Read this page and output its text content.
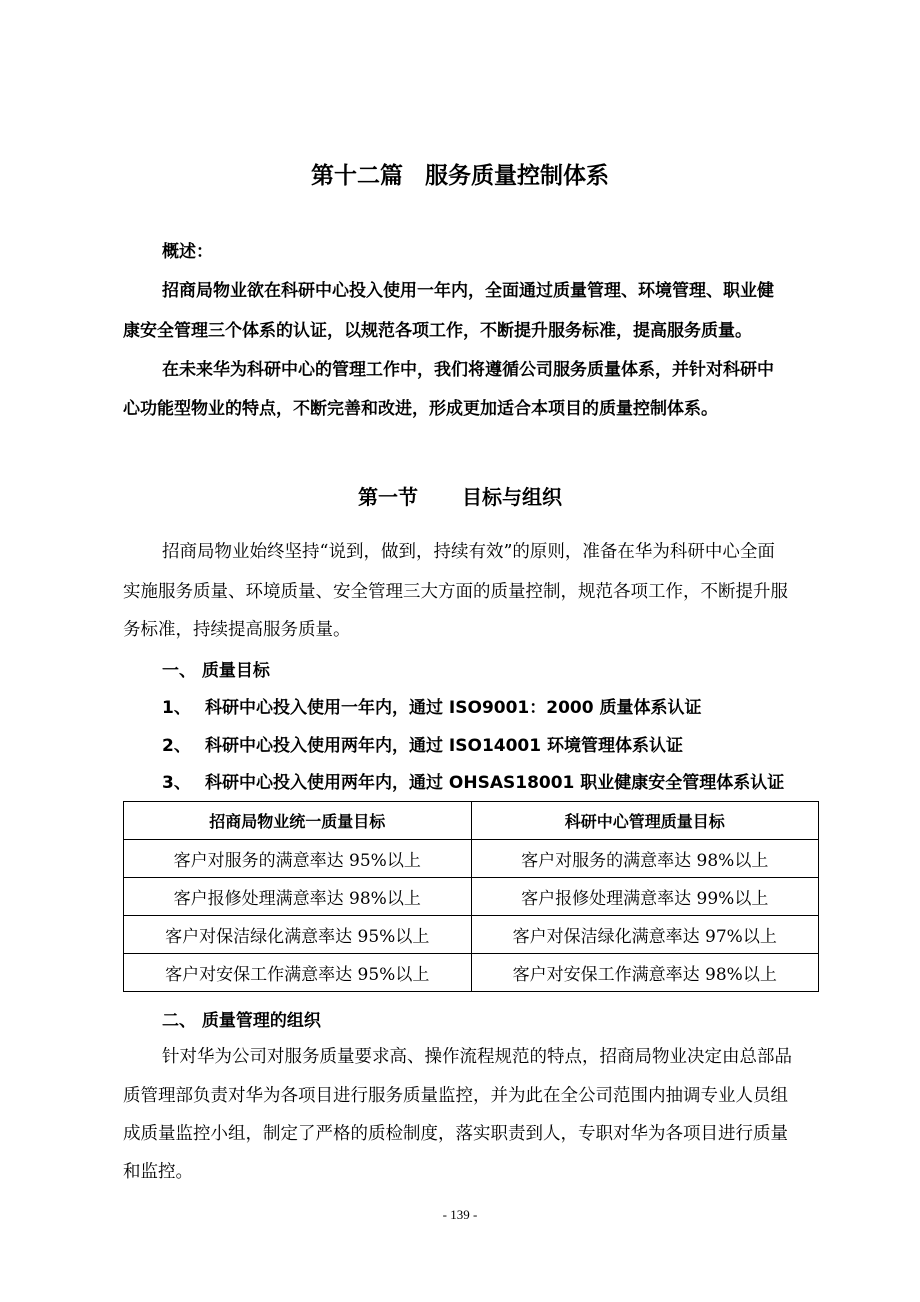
第十二篇 服务质量控制体系
概述：
招商局物业欲在科研中心投入使用一年内，全面通过质量管理、环境管理、职业健
康安全管理三个体系的认证，以规范各项工作，不断提升服务标准，提高服务质量。
在未来华为科研中心的管理工作中，我们将遵循公司服务质量体系，并针对科研中
心功能型物业的特点，不断完善和改进，形成更加适合本项目的质量控制体系。
第一节 目标与组织
招商局物业始终坚持“说到，做到，持续有效”的原则，准备在华为科研中心全面
实施服务质量、环境质量、安全管理三大方面的质量控制，规范各项工作，不断提升服
务标准，持续提高服务质量。
一、 质量目标
1、 科研中心投入使用一年内，通过 ISO9001：2000 质量体系认证
2、 科研中心投入使用两年内，通过 ISO14001 环境管理体系认证
3、 科研中心投入使用两年内，通过 OHSAS18001 职业健康安全管理体系认证
招商局物业统一质量目标	科研中心管理质量目标
客户对服务的满意率达 95%以上	客户对服务的满意率达 98%以上
客户报修处理满意率达 98%以上	客户报修处理满意率达 99%以上
客户对保洁绿化满意率达 95%以上	客户对保洁绿化满意率达 97%以上
客户对安保工作满意率达 95%以上	客户对安保工作满意率达 98%以上
二、 质量管理的组织
针对华为公司对服务质量要求高、操作流程规范的特点，招商局物业决定由总部品
质管理部负责对华为各项目进行服务质量监控，并为此在全公司范围内抽调专业人员组
成质量监控小组，制定了严格的质检制度，落实职责到人，专职对华为各项目进行质量
和监控。
- 139 -
